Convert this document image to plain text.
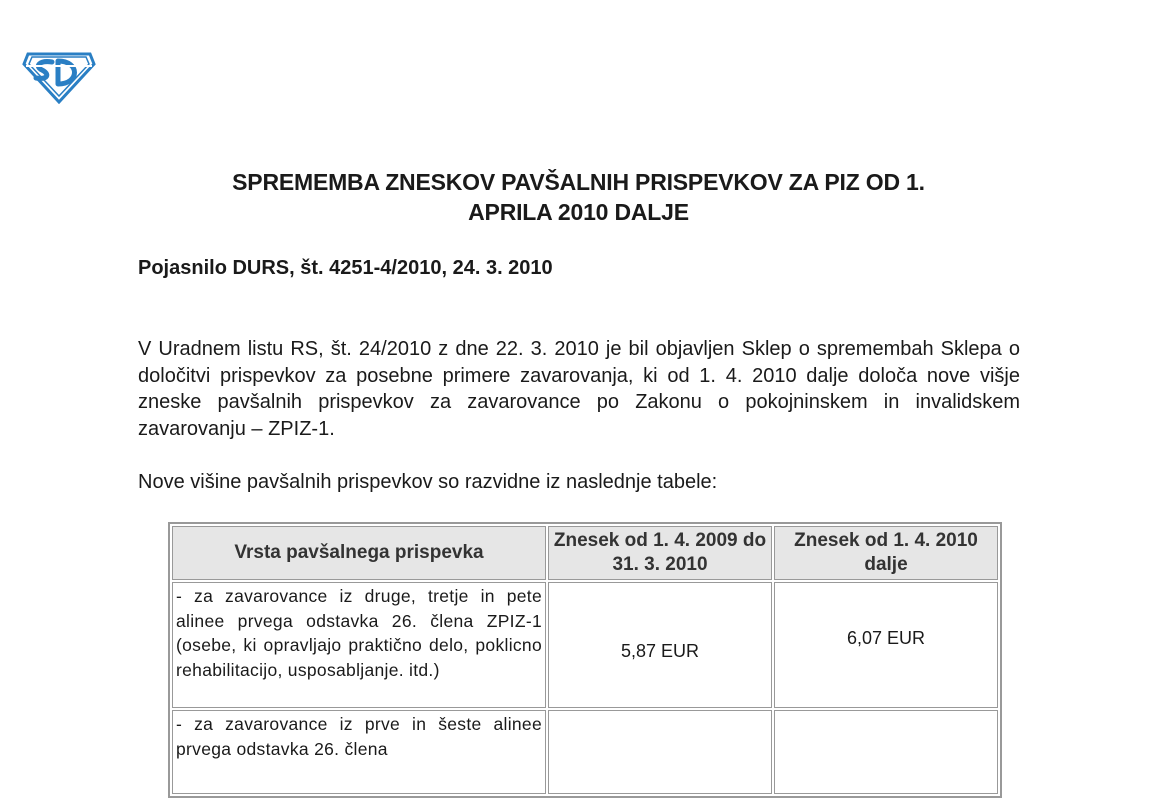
SPREMEMBA ZNESKOV PAVŠALNIH PRISPEVKOV ZA PIZ OD 1.
APRILA 2010 DALJE
Pojasnilo DURS, št. 4251-4/2010, 24. 3. 2010
V Uradnem listu RS, št. 24/2010 z dne 22. 3. 2010 je bil objavljen Sklep o spremembah Sklepa o določitvi prispevkov za posebne primere zavarovanja, ki od 1. 4. 2010 dalje določa nove višje zneske pavšalnih prispevkov za zavarovance po Zakonu o pokojninskem in invalidskem zavarovanju – ZPIZ-1.
Nove višine pavšalnih prispevkov so razvidne iz naslednje tabele:
Vrsta pavšalnega prispevka	Znesek od 1. 4. 2009 do 31. 3. 2010	Znesek od 1. 4. 2010 dalje
- za zavarovance iz druge, tretje in pete alinee prvega odstavka 26. člena ZPIZ-1 (osebe, ki opravljajo praktično delo, poklicno rehabilitacijo, usposabljanje. itd.)	5,87 EUR	6,07 EUR
- za zavarovance iz prve in šeste alinee prvega odstavka 26. člena		
